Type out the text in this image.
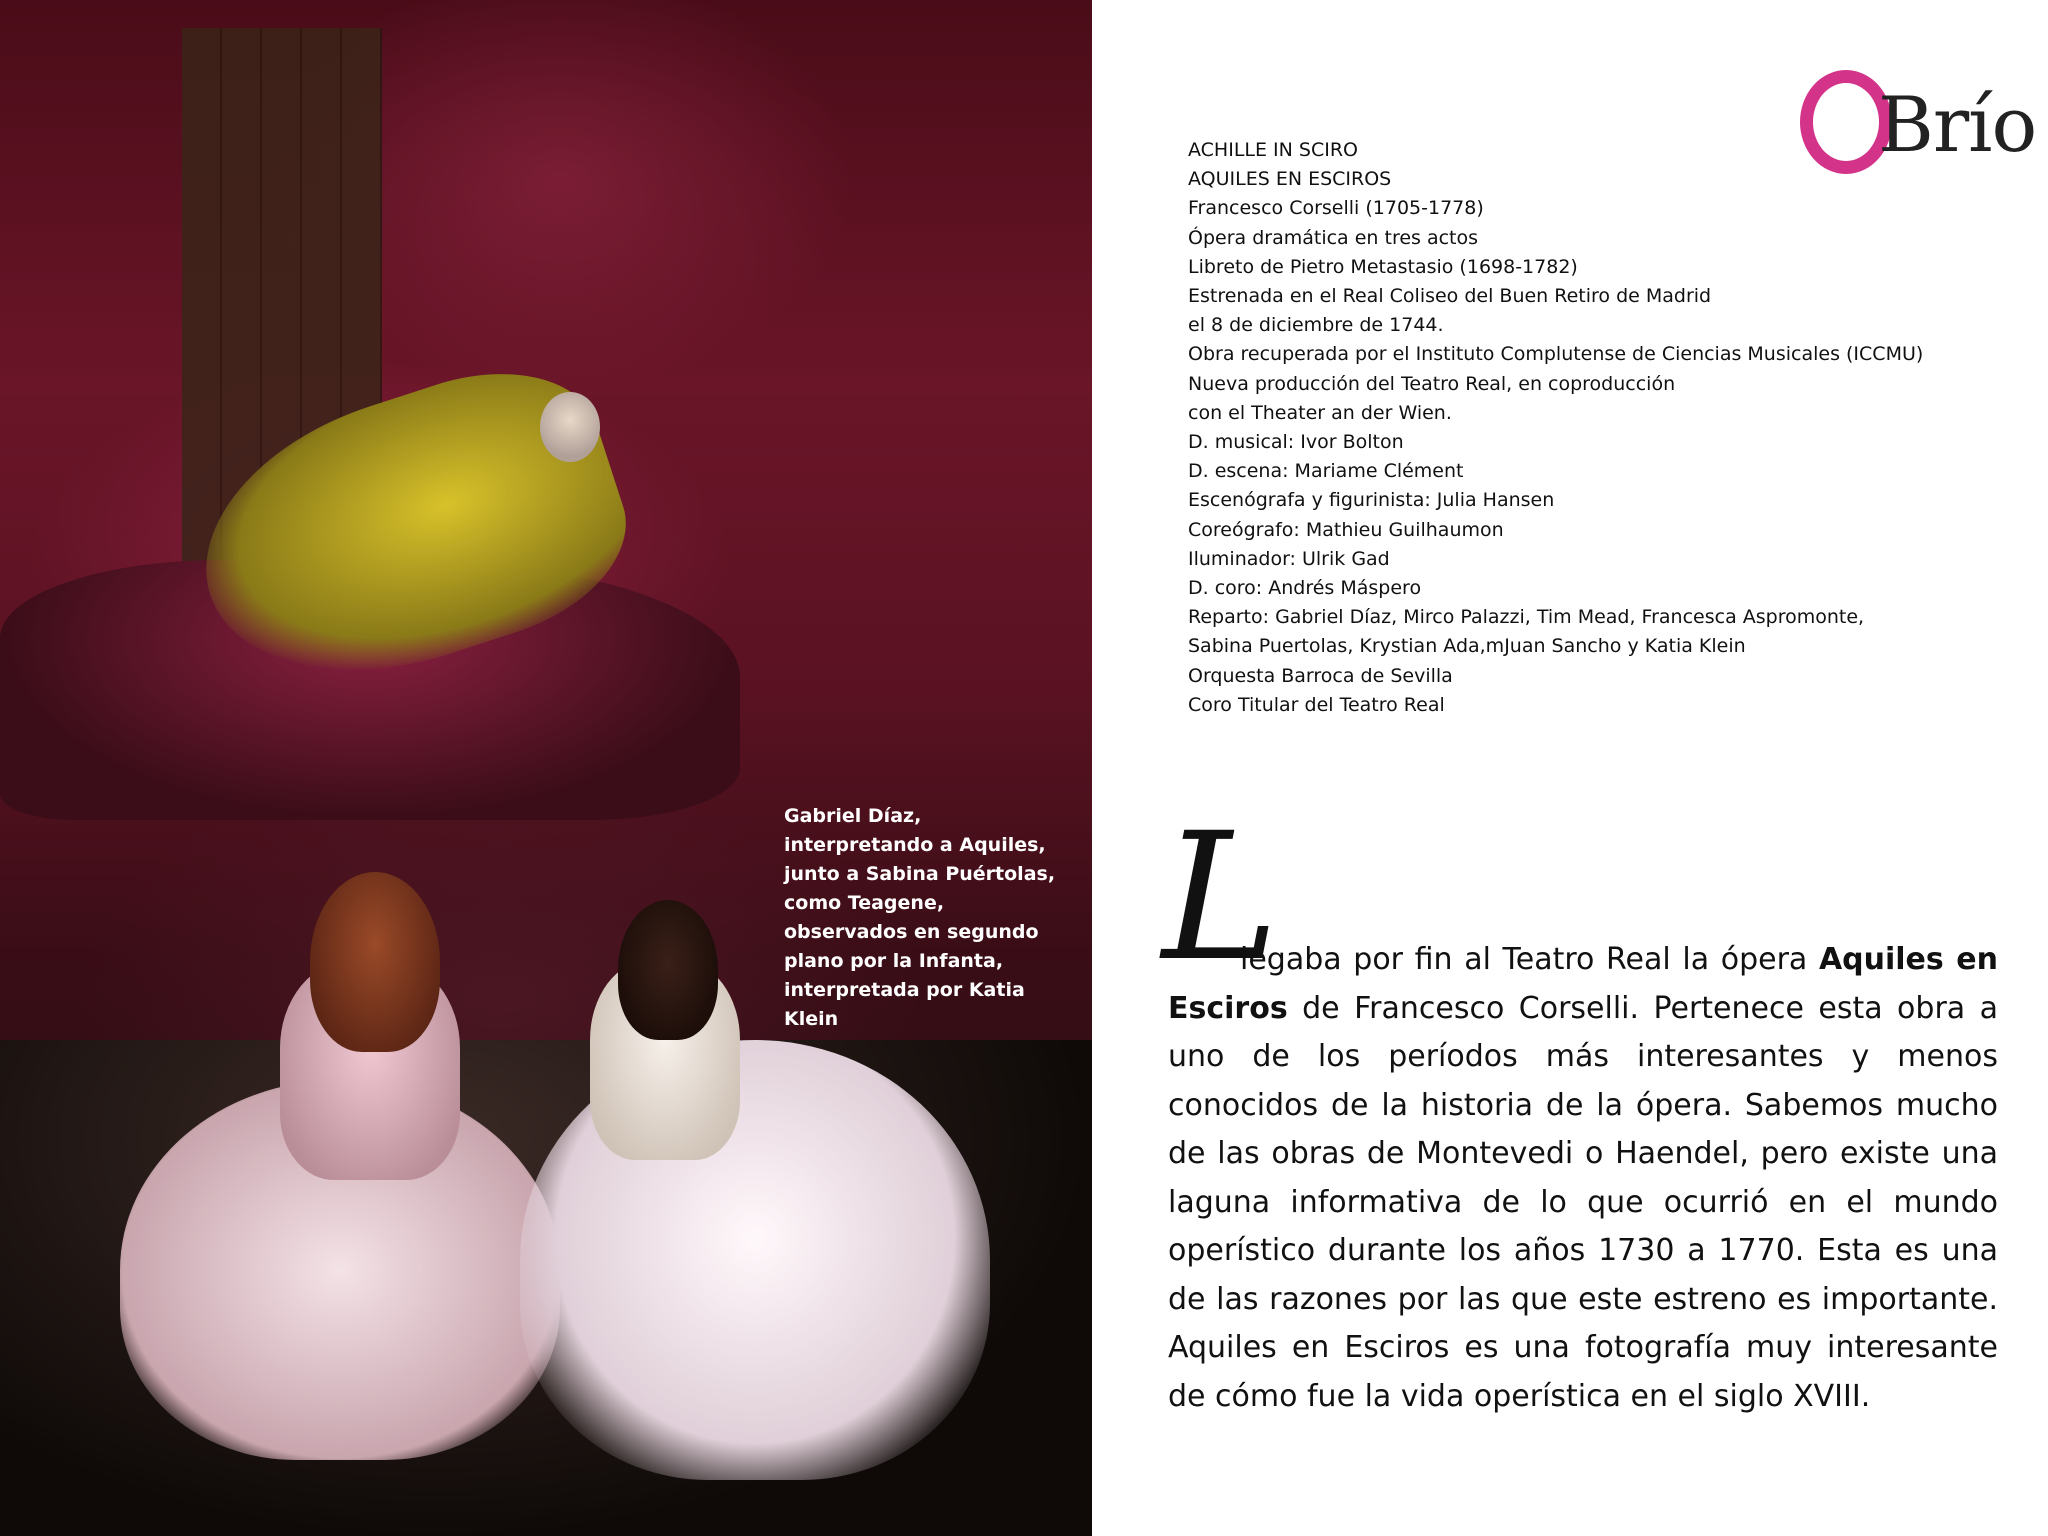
Gabriel Díaz, interpretando a Aquiles, junto a Sabina Puértolas, como Teagene, observados en segundo plano por la Infanta, interpretada por Katia Klein
Brío
ACHILLE IN SCIRO
AQUILES EN ESCIROS
Francesco Corselli (1705-1778)
Ópera dramática en tres actos
Libreto de Pietro Metastasio (1698-1782)
Estrenada en el Real Coliseo del Buen Retiro de Madrid
el 8 de diciembre de 1744.
Obra recuperada por el Instituto Complutense de Ciencias Musicales (ICCMU)
Nueva producción del Teatro Real, en coproducción
con el Theater an der Wien.
D. musical: Ivor Bolton
D. escena: Mariame Clément
Escenógrafa y figurinista: Julia Hansen
Coreógrafo: Mathieu Guilhaumon
Iluminador: Ulrik Gad
D. coro: Andrés Máspero
Reparto: Gabriel Díaz, Mirco Palazzi, Tim Mead, Francesca Aspromonte,
Sabina Puertolas, Krystian Ada,mJuan Sancho y Katia Klein
Orquesta Barroca de Sevilla
Coro Titular del Teatro Real
L
legaba por fin al Teatro Real la ópera Aquiles en Esciros de Francesco Corselli. Pertenece esta obra a uno de los períodos más interesantes y menos conocidos de la historia de la ópera. Sabemos mucho de las obras de Montevedi o Haendel, pero existe una laguna informativa de lo que ocurrió en el mundo operístico durante los años 1730 a 1770. Esta es una de las razones por las que este estreno es importante. Aquiles en Esciros es una fotografía muy interesante de cómo fue la vida operística en el siglo XVIII.
